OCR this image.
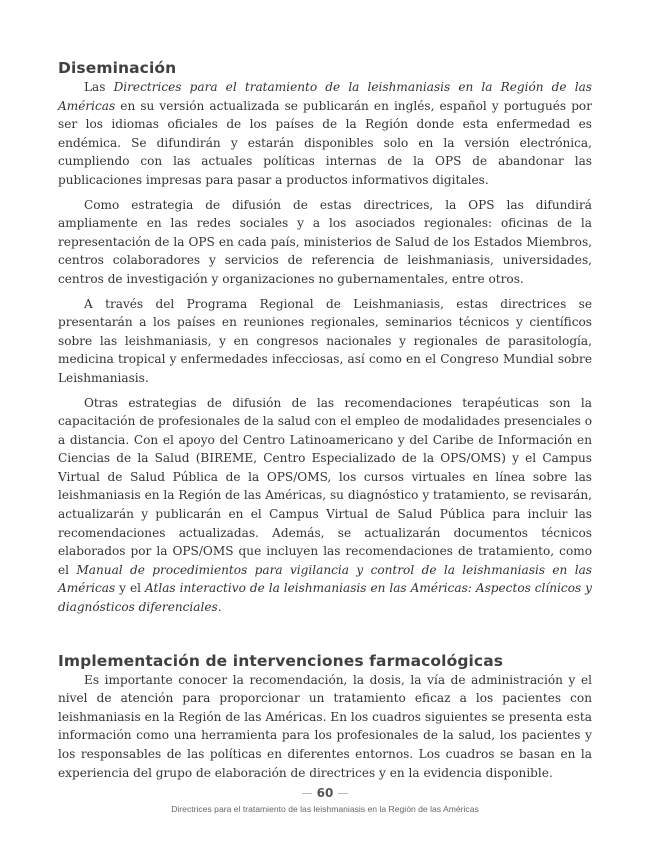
Diseminación

Las Directrices para el tratamiento de la leishmaniasis en la Región de las Américas en su versión actualizada se publicarán en inglés, español y portugués por ser los idiomas oficiales de los países de la Región donde esta enfermedad es endémica. Se difundirán y estarán disponibles solo en la versión electrónica, cumpliendo con las actuales políticas internas de la OPS de abandonar las publicaciones impresas para pasar a productos informativos digitales.

Como estrategia de difusión de estas directrices, la OPS las difundirá ampliamente en las redes sociales y a los asociados regionales: oficinas de la representación de la OPS en cada país, ministerios de Salud de los Estados Miembros, centros colaboradores y servicios de referencia de leishmaniasis, universidades, centros de investigación y organizaciones no gubernamentales, entre otros.

A través del Programa Regional de Leishmaniasis, estas directrices se presentarán a los países en reuniones regionales, seminarios técnicos y científicos sobre las leishmaniasis, y en congresos nacionales y regionales de parasitología, medicina tropical y enfermedades infecciosas, así como en el Congreso Mundial sobre Leishmaniasis.

Otras estrategias de difusión de las recomendaciones terapéuticas son la capacitación de profesionales de la salud con el empleo de modalidades presenciales o a distancia. Con el apoyo del Centro Latinoamericano y del Caribe de Información en Ciencias de la Salud (BIREME, Centro Especializado de la OPS/OMS) y el Campus Virtual de Salud Pública de la OPS/OMS, los cursos virtuales en línea sobre las leishmaniasis en la Región de las Américas, su diagnóstico y tratamiento, se revisarán, actualizarán y publicarán en el Campus Virtual de Salud Pública para incluir las recomendaciones actualizadas. Además, se actualizarán documentos técnicos elaborados por la OPS/OMS que incluyen las recomendaciones de tratamiento, como el Manual de procedimientos para vigilancia y control de la leishmaniasis en las Américas y el Atlas interactivo de la leishmaniasis en las Américas: Aspectos clínicos y diagnósticos diferenciales.

Implementación de intervenciones farmacológicas

Es importante conocer la recomendación, la dosis, la vía de administración y el nivel de atención para proporcionar un tratamiento eficaz a los pacientes con leishmaniasis en la Región de las Américas. En los cuadros siguientes se presenta esta información como una herramienta para los profesionales de la salud, los pacientes y los responsables de las políticas en diferentes entornos. Los cuadros se basan en la experiencia del grupo de elaboración de directrices y en la evidencia disponible.

60
Directrices para el tratamiento de las leishmaniasis en la Región de las Américas
